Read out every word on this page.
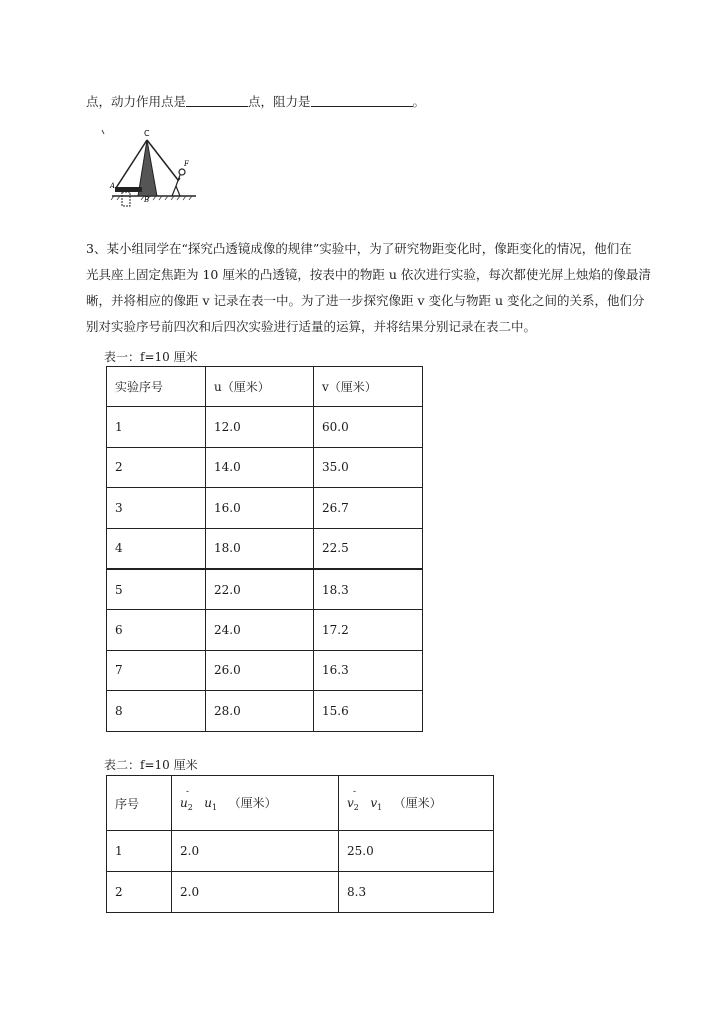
点，动力作用点是	点，阻力是	。
C
A
B
F

3、某小组同学在“探究凸透镜成像的规律”实验中，为了研究物距变化时，像距变化的情况，他们在

光具座上固定焦距为 10 厘米的凸透镜，按表中的物距 u 依次进行实验，每次都使光屏上烛焰的像最清

晰，并将相应的像距 v 记录在表一中。为了进一步探究像距 v 变化与物距 u 变化之间的关系，他们分

别对实验序号前四次和后四次实验进行适量的运算，并将结果分别记录在表二中。

表一：f=10 厘米
实验序号	u（厘米）	v（厘米）
1	12.0	60.0
2	14.0	35.0
3	16.0	26.7
4	18.0	22.5
5	22.0	18.3
6	24.0	17.2
7	26.0	16.3
8	28.0	15.6
表二：f=10 厘米
序号	- $u_2$ $u_1$ （厘米）	- $v_2$ $v_1$ （厘米）
1	2.0	25.0
2	2.0	8.3
